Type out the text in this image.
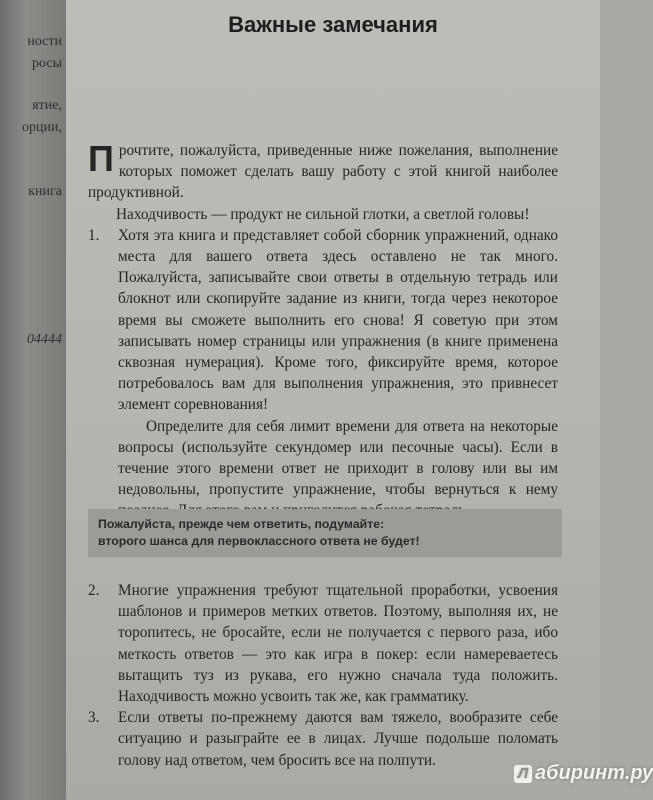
ности
росы
ятие,
орции,
книга
04444
Важные замечания

Прочтите, пожалуйста, приведенные ниже пожелания, выполнение которых поможет сделать вашу работу с этой книгой наиболее продуктивной.

Находчивость — продукт не сильной глотки, а светлой головы!

1. Хотя эта книга и представляет собой сборник упражнений, однако места для вашего ответа здесь оставлено не так много. Пожалуйста, записывайте свои ответы в отдельную тетрадь или блокнот или скопируйте задание из книги, тогда через некоторое время вы сможете выполнить его снова! Я советую при этом записывать номер страницы или упражнения (в книге применена сквозная нумерация). Кроме того, фиксируйте время, которое потребовалось вам для выполнения упражнения, это привнесет элемент соревнования!

Определите для себя лимит времени для ответа на некоторые вопросы (используйте секундомер или песочные часы). Если в течение этого времени ответ не приходит в голову или вы им недовольны, пропустите упражнение, чтобы вернуться к нему

Пожалуйста, прежде чем ответить, подумайте:
второго шанса для первоклассного ответа не будет!

2. Многие упражнения требуют тщательной проработки, усвоения шаблонов и примеров метких ответов. Поэтому, выполняя их, не торопитесь, не бросайте, если не получается с первого раза, ибо меткость ответов — это как игра в покер: если намереваетесь вытащить туз из рукава, его нужно сначала туда положить. Находчивость можно усвоить так же, как грамматику.

3. Если ответы по-прежнему даются вам тяжело, вообразите себе ситуацию и разыграйте ее в лицах. Лучше подольше поломать голову над ответом, чем бросить все на полпути.

Л абиринт.ру
